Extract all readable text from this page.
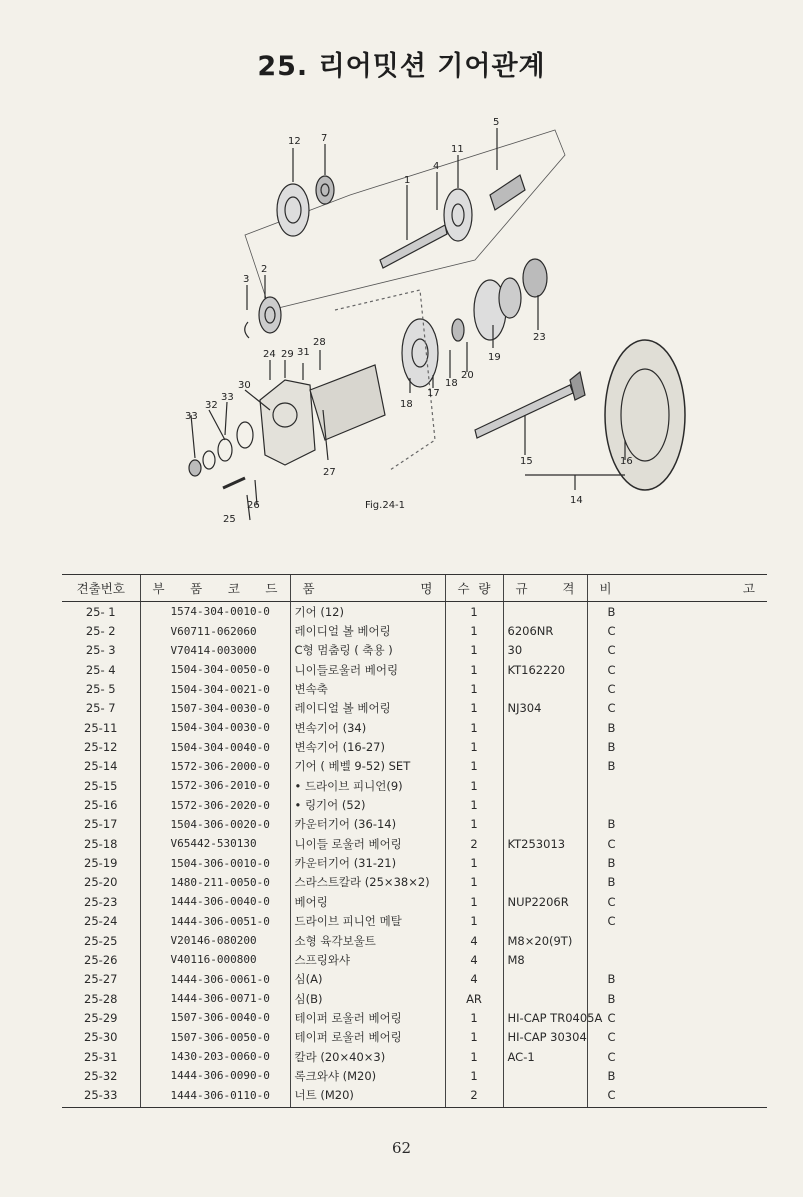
25. 리어밋션 기어관계
12 7
5
11
4
1
3
2
24 29 31
28	23
19
20
18
17
18
30
32
33
33
27
25
26
15	16
14
Fig.24-1
견출번호	부 품 코 드	품 명	수 량	규 격	비 고
25- 1	1574-304-0010-0	기어 (12)	1		B
25- 2	V60711-062060	레이디얼 볼 베어링	1	6206NR	C
25- 3	V70414-003000	C형 멈춤링 ( 축용 )	1	30	C
25- 4	1504-304-0050-0	니이들로울러 베어링	1	KT162220	C
25- 5	1504-304-0021-0	변속축	1		C
25- 7	1507-304-0030-0	레이디얼 볼 베어링	1	NJ304	C
25-11	1504-304-0030-0	변속기어 (34)	1		B
25-12	1504-304-0040-0	변속기어 (16-27)	1		B
25-14	1572-306-2000-0	기어 ( 베벨 9-52) SET	1		B
25-15	1572-306-2010-0	• 드라이브 피니언(9)	1		
25-16	1572-306-2020-0	• 링기어 (52)	1		
25-17	1504-306-0020-0	카운터기어 (36-14)	1		B
25-18	V65442-530130	니이들 로울러 베어링	2	KT253013	C
25-19	1504-306-0010-0	카운터기어 (31-21)	1		B
25-20	1480-211-0050-0	스라스트칼라 (25×38×2)	1		B
25-23	1444-306-0040-0	베어링	1	NUP2206R	C
25-24	1444-306-0051-0	드라이브 피니언 메탈	1		C
25-25	V20146-080200	소형 육각보울트	4	M8×20(9T)	
25-26	V40116-000800	스프링와샤	4	M8	
25-27	1444-306-0061-0	심(A)	4		B
25-28	1444-306-0071-0	심(B)	AR		B
25-29	1507-306-0040-0	테이퍼 로울러 베어링	1	HI-CAP TR0405A	C
25-30	1507-306-0050-0	테이퍼 로울러 베어링	1	HI-CAP 30304	C
25-31	1430-203-0060-0	칼라 (20×40×3)	1	AC-1	C
25-32	1444-306-0090-0	록크와샤 (M20)	1		B
25-33	1444-306-0110-0	너트 (M20)	2		C
62
